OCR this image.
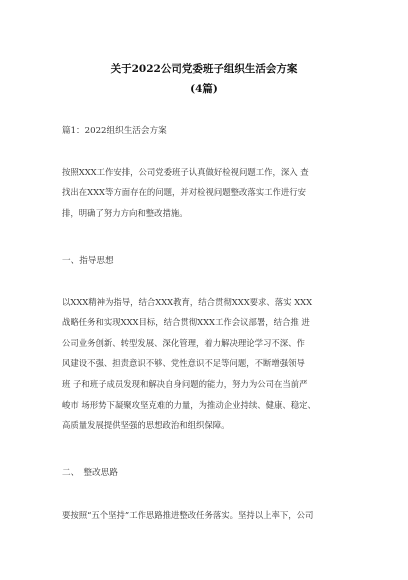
关于2022公司党委班子组织生活会方案
(4篇)
篇1：2022组织生活会方案
按照XXX工作安排，公司党委班子认真做好检视问题工作，深入 查
找出在XXX等方面存在的问题，并对检视问题整改落实工作进行安
排，明确了努力方向和整改措施。
一、指导思想
以XXX精神为指导，结合XXX教育，结合贯彻XXX要求、落实 XXX
战略任务和实现XXX目标，结合贯彻XXX工作会议部署，结合推 进
公司业务创新、转型发展、深化管理，着力解决理论学习不深、作
风建设不强、担责意识不够、党性意识不足等问题，不断增强领导
班 子和班子成员发现和解决自身问题的能力，努力为公司在当前严
峻市 场形势下凝聚攻坚克难的力量，为推动企业持续、健康、稳定、
高质量发展提供坚强的思想政治和组织保障。
二、　整改思路
要按照“五个坚持”工作思路推进整改任务落实。坚持以上率下，公司
